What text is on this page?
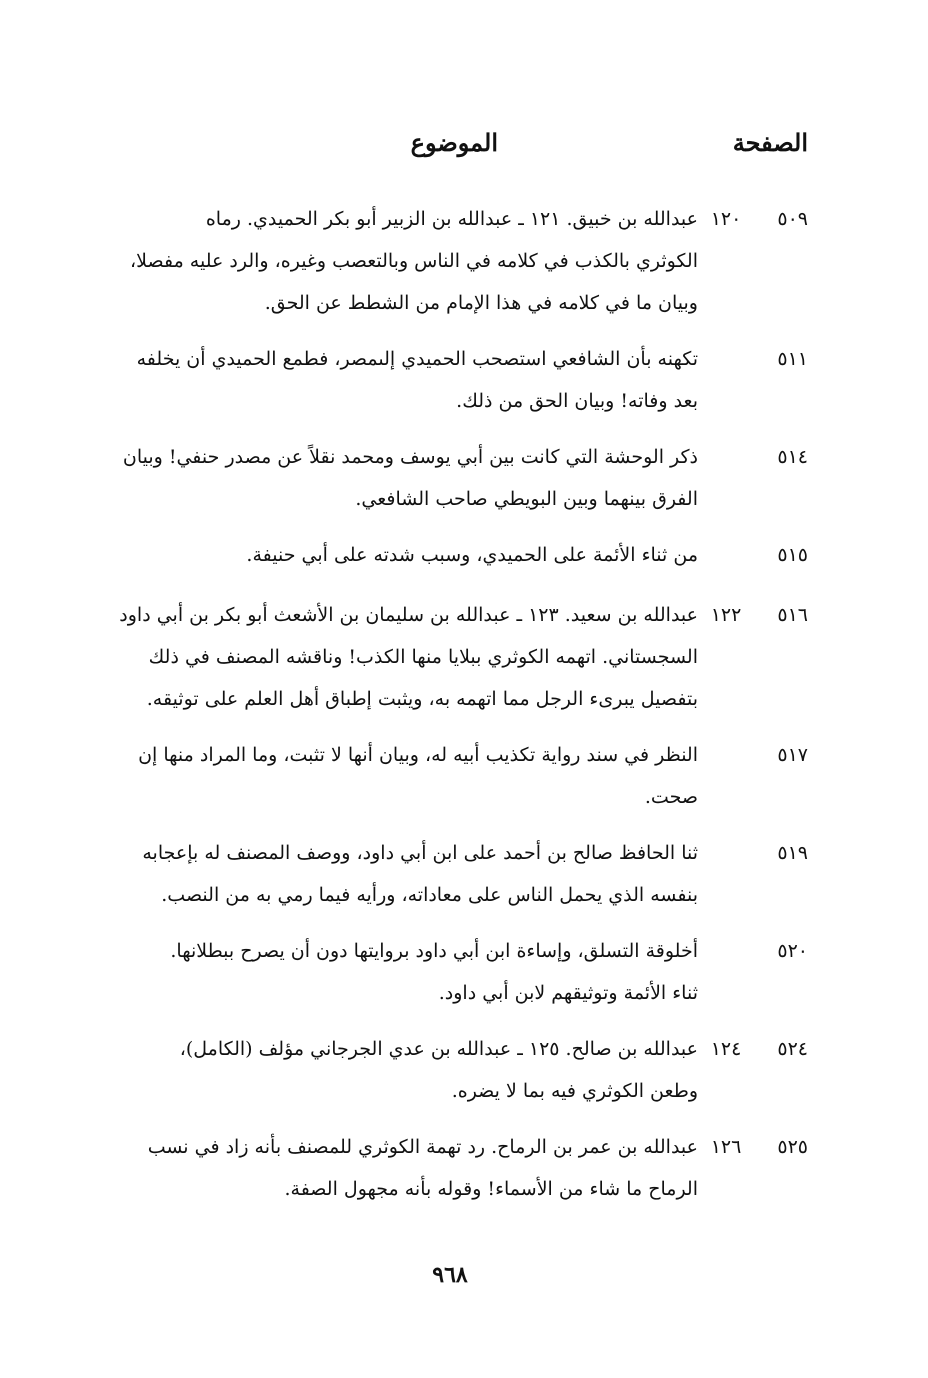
الصفحة
الموضوع
٥٠٩
١٢٠
عبدالله بن خبيق. ١٢١ ـ عبدالله بن الزبير أبو بكر الحميدي. رماه
الكوثري بالكذب في كلامه في الناس وبالتعصب وغيره، والرد عليه مفصلا،
وبيان ما في كلامه في هذا الإمام من الشطط عن الحق.
٥١١
تكهنه بأن الشافعي استصحب الحميدي إلىمصر، فطمع الحميدي أن يخلفه
بعد وفاته! وبيان الحق من ذلك.
٥١٤
ذكر الوحشة التي كانت بين أبي يوسف ومحمد نقلاً عن مصدر حنفي! وبيان
الفرق بينهما وبين البويطي صاحب الشافعي.
٥١٥
من ثناء الأئمة على الحميدي، وسبب شدته على أبي حنيفة.
٥١٦
١٢٢
عبدالله بن سعيد. ١٢٣ ـ عبدالله بن سليمان بن الأشعث أبو بكر بن أبي داود
السجستاني. اتهمه الكوثري ببلايا منها الكذب! وناقشه المصنف في ذلك
بتفصيل يبرىء الرجل مما اتهمه به، ويثبت إطباق أهل العلم على توثيقه.
٥١٧
النظر في سند رواية تكذيب أبيه له، وبيان أنها لا تثبت، وما المراد منها إن
صحت.
٥١٩
ثنا الحافظ صالح بن أحمد على ابن أبي داود، ووصف المصنف له بإعجابه
بنفسه الذي يحمل الناس على معاداته، ورأيه فيما رمي به من النصب.
٥٢٠
أخلوقة التسلق، وإساءة ابن أبي داود بروايتها دون أن يصرح ببطلانها.
ثناء الأئمة وتوثيقهم لابن أبي داود.
٥٢٤
١٢٤
عبدالله بن صالح. ١٢٥ ـ عبدالله بن عدي الجرجاني مؤلف (الكامل)،
وطعن الكوثري فيه بما لا يضره.
٥٢٥
١٢٦
عبدالله بن عمر بن الرماح. رد تهمة الكوثري للمصنف بأنه زاد في نسب
الرماح ما شاء من الأسماء! وقوله بأنه مجهول الصفة.
٩٦٨
